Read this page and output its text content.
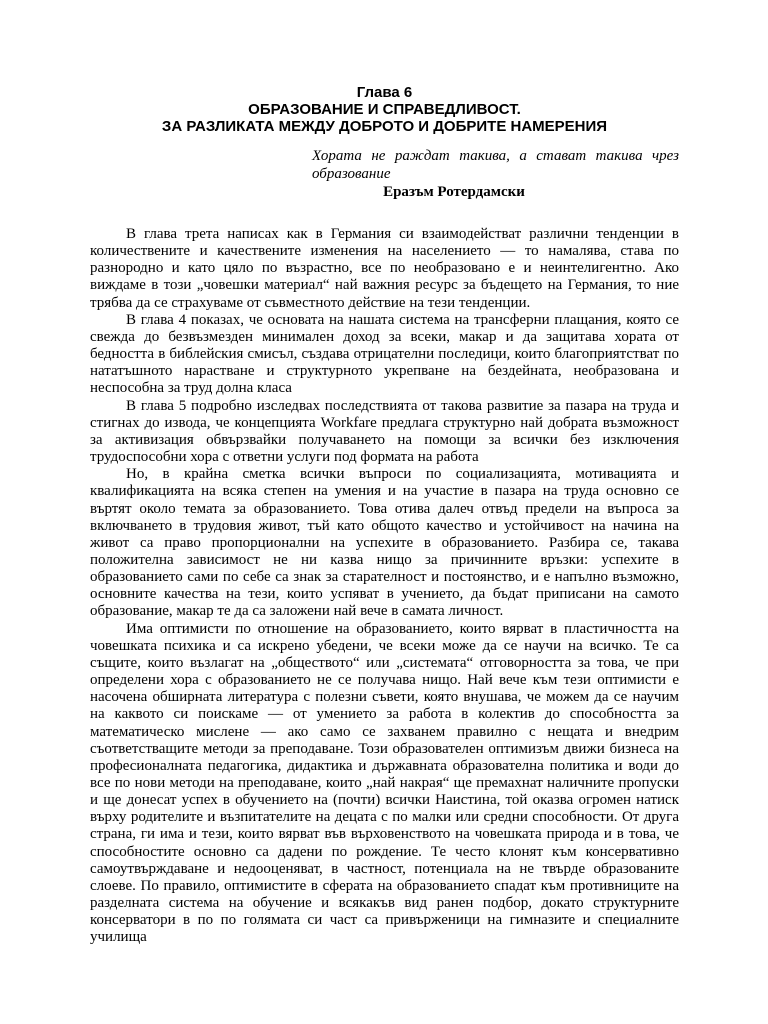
Глава 6

ОБРАЗОВАНИЕ И СПРАВЕДЛИВОСТ.

ЗА РАЗЛИКАТА МЕЖДУ ДОБРОТО И ДОБРИТЕ НАМЕРЕНИЯ

Хората не раждат такива, а стават такива чрез образование
Еразъм Ротердамски

В глава трета написах как в Германия си взаимодействат различни тенденции в количествените и качествените изменения на населението — то намалява, става по разнородно и като цяло по възрастно, все по необразовано е и неинтелигентно. Ако виждаме в този „човешки материал“ най важния ресурс за бъдещето на Германия, то ние трябва да се страхуваме от съвместното действие на тези тенденции.

В глава 4 показах, че основата на нашата система на трансферни плащания, която се свежда до безвъзмезден минимален доход за всеки, макар и да защитава хората от бедността в библейския смисъл, създава отрицателни последици, които благоприятстват по нататъшното нарастване и структурното укрепване на бездейната, необразована и неспособна за труд долна класа

В глава 5 подробно изследвах последствията от такова развитие за пазара на труда и стигнах до извода, че концепцията Workfare предлага структурно най добрата възможност за активизация обвързвайки получаването на помощи за всички без изключения трудоспособни хора с ответни услуги под формата на работа

Но, в крайна сметка всички въпроси по социализацията, мотивацията и квалификацията на всяка степен на умения и на участие в пазара на труда основно се въртят около темата за образованието. Това отива далеч отвъд предели на въпроса за включването в трудовия живот, тъй като общото качество и устойчивост на начина на живот са право пропорционални на успехите в образованието. Разбира се, такава положителна зависимост не ни казва нищо за причинните връзки: успехите в образованието сами по себе са знак за старателност и постоянство, и е напълно възможно, основните качества на тези, които успяват в учението, да бъдат приписани на самото образование, макар те да са заложени най вече в самата личност.

Има оптимисти по отношение на образованието, които вярват в пластичността на човешката психика и са искрено убедени, че всеки може да се научи на всичко. Те са същите, които възлагат на „обществото“ или „системата“ отговорността за това, че при определени хора с образованието не се получава нищо. Най вече към тези оптимисти е насочена обширната литература с полезни съвети, която внушава, че можем да се научим на каквото си поискаме — от умението за работа в колектив до способността за математическо мислене — ако само се захванем правилно с нещата и внедрим съответстващите методи за преподаване. Този образователен оптимизъм движи бизнеса на професионалната педагогика, дидактика и държавната образователна политика и води до все по нови методи на преподаване, които „най накрая“ ще премахнат наличните пропуски и ще донесат успех в обучението на (почти) всички Наистина, той оказва огромен натиск върху родителите и възпитателите на децата с по малки или средни способности. От друга страна, ги има и тези, които вярват във върховенството на човешката природа и в това, че способностите основно са дадени по рождение. Те често клонят към консервативно самоутвърждаване и недооценяват, в частност, потенциала на не твърде образованите слоеве. По правило, оптимистите в сферата на образованието спадат към противниците на разделната система на обучение и всякакъв вид ранен подбор, докато структурните консерватори в по по голямата си част са привърженици на гимназите и специалните училища
